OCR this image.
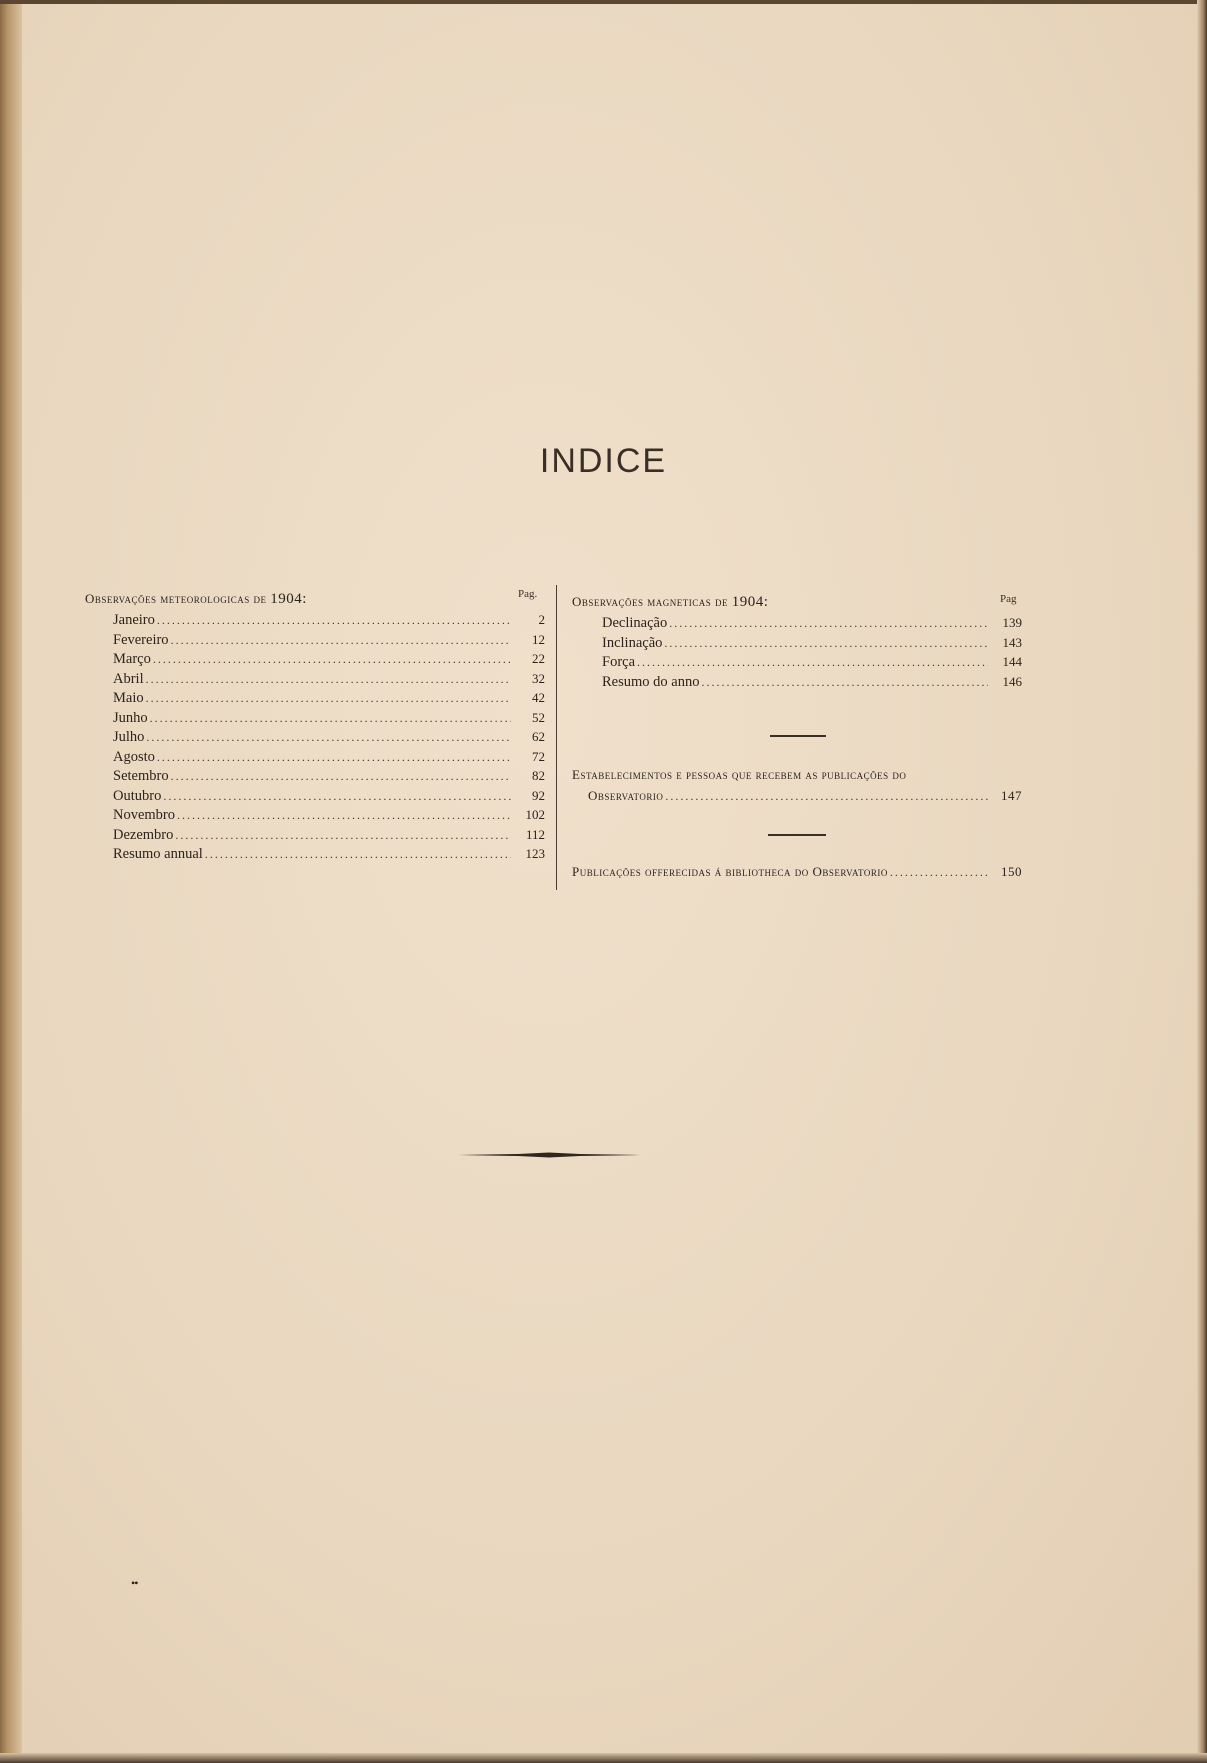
INDICE
Pag.	Pag
Observações meteorologicas de 1904:
Janeiro .....	2
Fevereiro .....	12
Março .....	22
Abril .....	32
Maio .....	42
Junho .....	52
Julho .....	62
Agosto .....	72
Setembro .....	82
Outubro .....	92
Novembro .....	102
Dezembro .....	112
Resumo annual .....	123
Observações magneticas de 1904:
Declinação .....	139
Inclinação .....	143
Força .....	144
Resumo do anno .....	146
Estabelecimentos e pessoas que recebem as publicações do
Observatorio .....	147
Publicações offerecidas á bibliotheca do Observatorio .....	150
••
